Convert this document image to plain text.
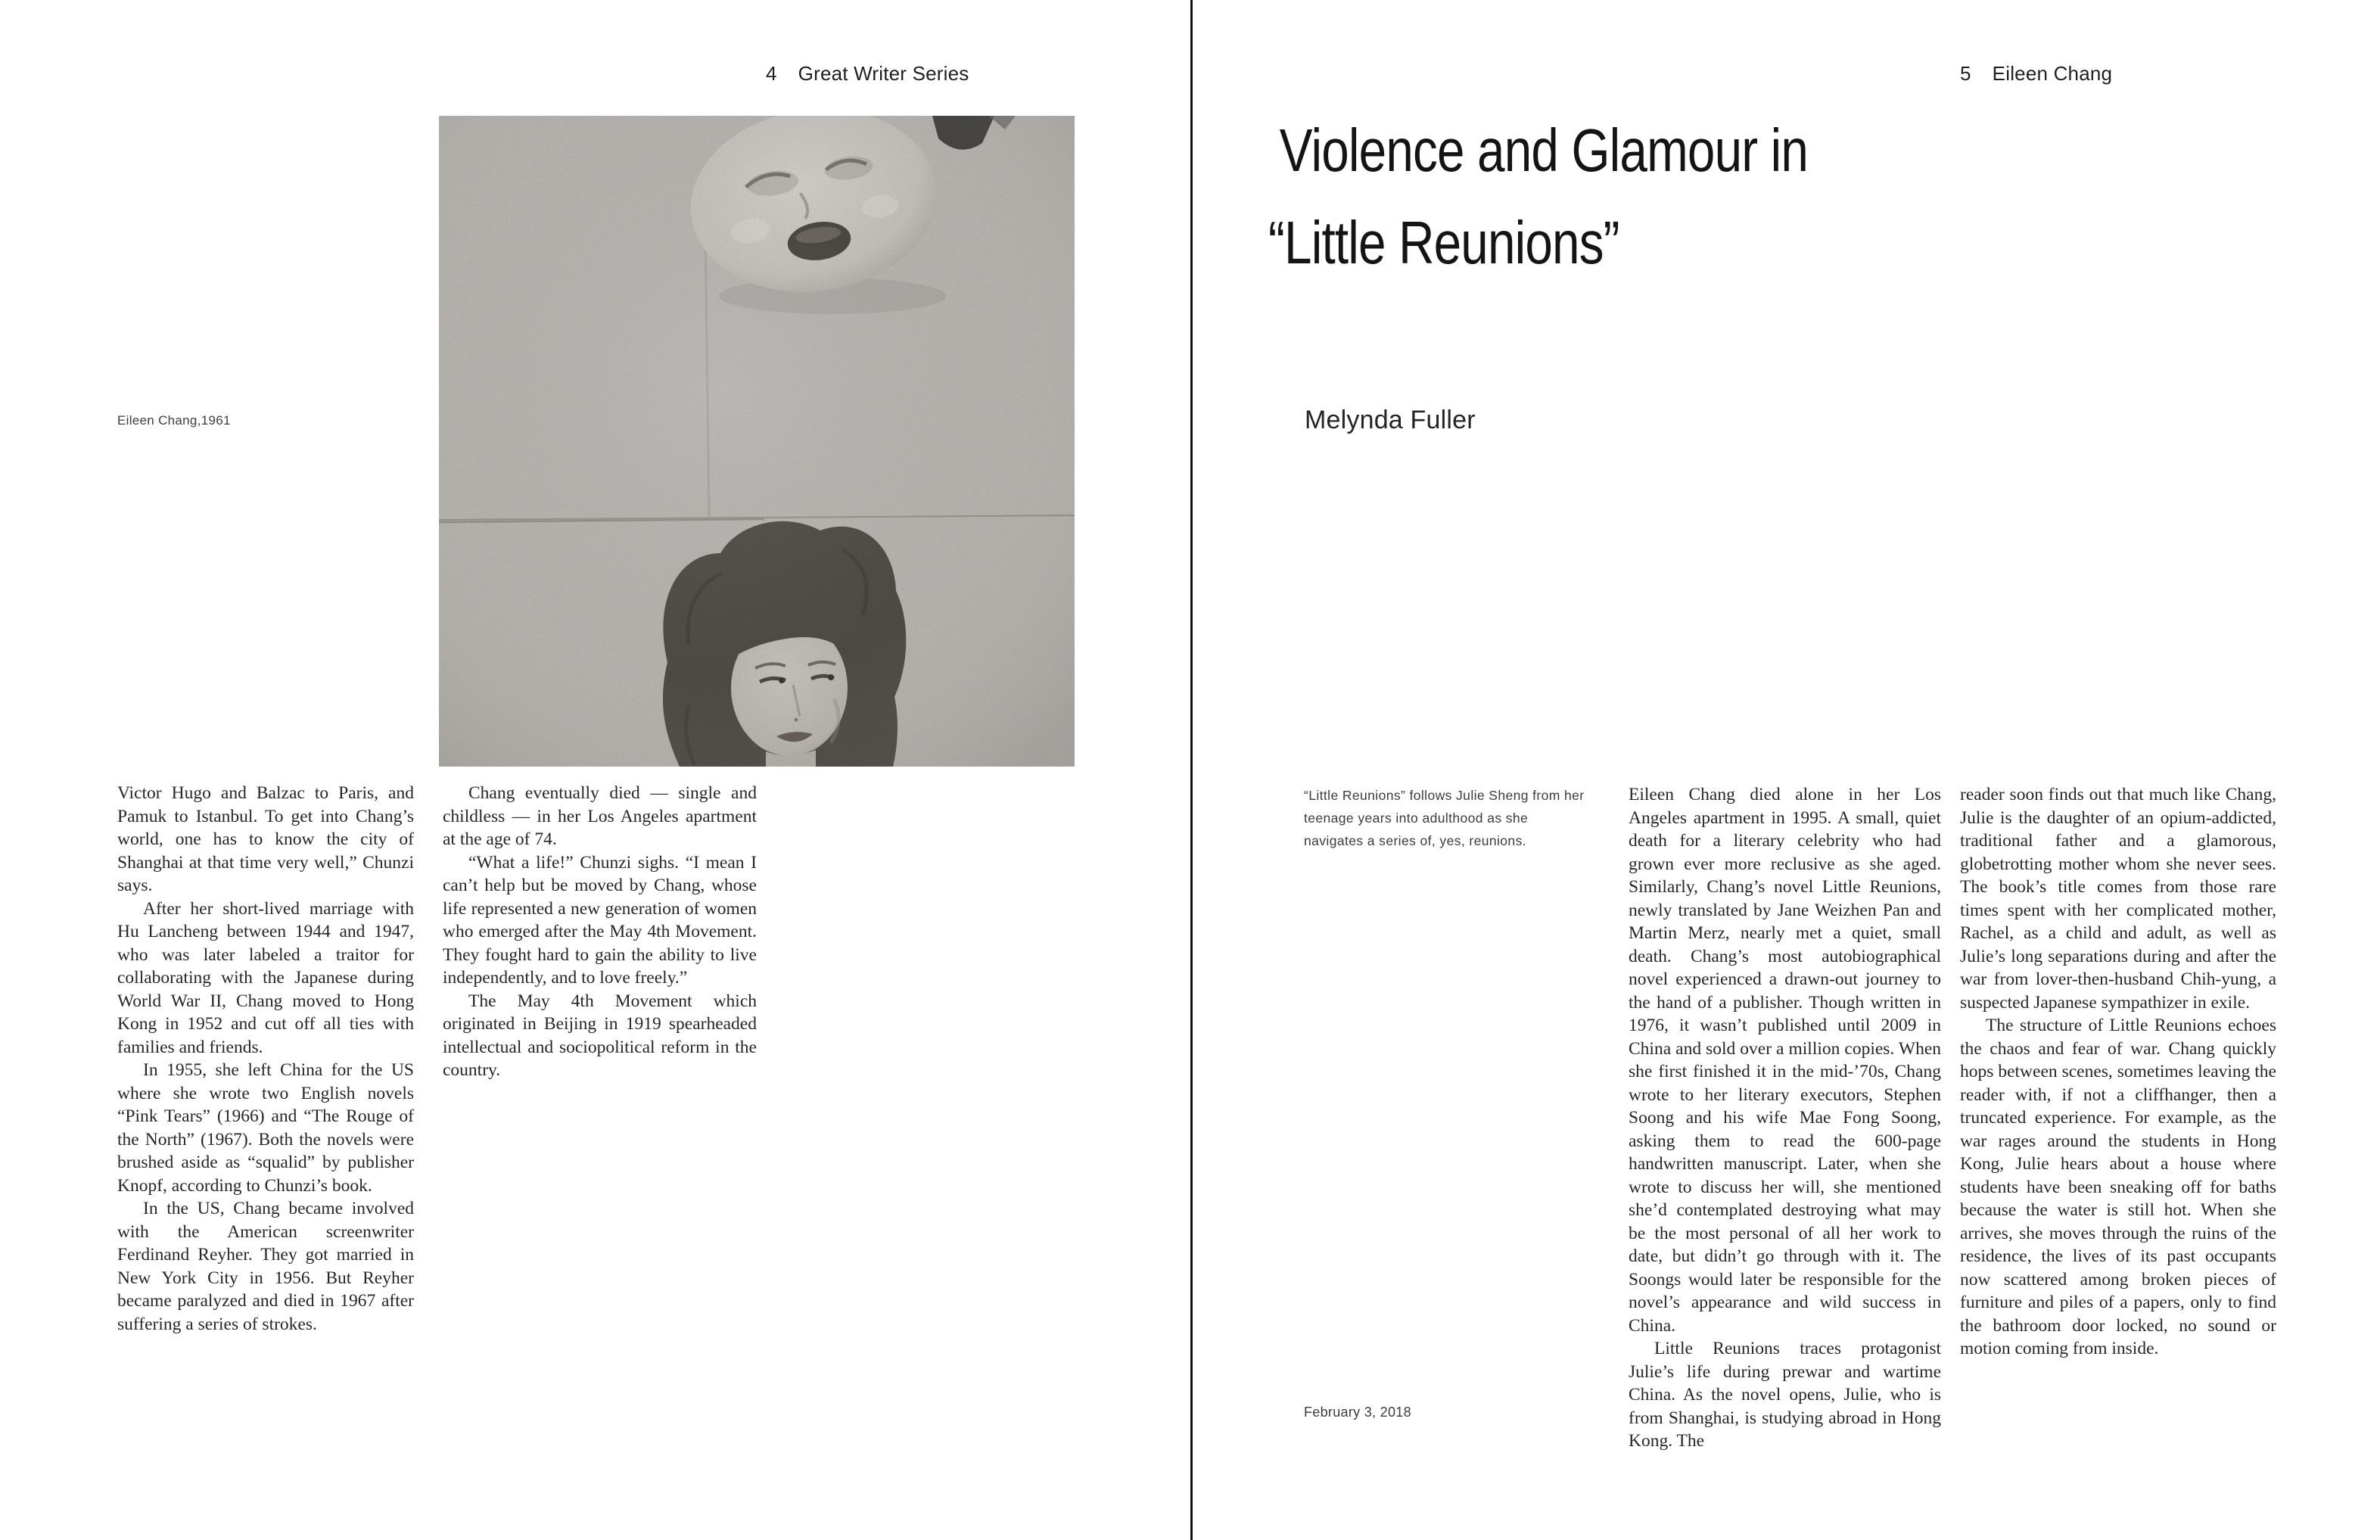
4 Great Writer Series
Eileen Chang,1961

Victor Hugo and Balzac to Paris, and Pamuk to Istanbul. To get into Chang’s world, one has to know the city of Shanghai at that time very well,” Chunzi says.

After her short-lived marriage with Hu Lancheng between 1944 and 1947, who was later labeled a traitor for collaborating with the Japanese during World War II, Chang moved to Hong Kong in 1952 and cut off all ties with families and friends.

In 1955, she left China for the US where she wrote two English novels “Pink Tears” (1966) and “The Rouge of the North” (1967). Both the novels were brushed aside as “squalid” by publisher Knopf, according to Chunzi’s book.

In the US, Chang became involved with the American screenwriter Ferdinand Reyher. They got married in New York City in 1956. But Reyher became paralyzed and died in 1967 after suffering a series of strokes.

Chang eventually died — single and childless — in her Los Angeles apartment at the age of 74.

“What a life!” Chunzi sighs. “I mean I can’t help but be moved by Chang, whose life represented a new generation of women who emerged after the May 4th Movement. They fought hard to gain the ability to live independently, and to love freely.”

The May 4th Movement which originated in Beijing in 1919 spearheaded intellectual and sociopolitical reform in the country.

5 Eileen Chang
Violence and Glamour in
“Little Reunions”
Melynda Fuller
“Little Reunions” follows Julie Sheng from her teenage years into adulthood as she navigates a series of, yes, reunions.
February 3, 2018

Eileen Chang died alone in her Los Angeles apartment in 1995. A small, quiet death for a literary celebrity who had grown ever more reclusive as she aged. Similarly, Chang’s novel Little Reunions, newly translated by Jane Weizhen Pan and Martin Merz, nearly met a quiet, small death. Chang’s most autobiographical novel experienced a drawn-out journey to the hand of a publisher. Though written in 1976, it wasn’t published until 2009 in China and sold over a million copies. When she first finished it in the mid-’70s, Chang wrote to her literary executors, Stephen Soong and his wife Mae Fong Soong, asking them to read the 600-page handwritten manuscript. Later, when she wrote to discuss her will, she mentioned she’d contemplated destroying what may be the most personal of all her work to date, but didn’t go through with it. The Soongs would later be responsible for the novel’s appearance and wild success in China.

Little Reunions traces protagonist Julie’s life during prewar and wartime China. As the novel opens, Julie, who is from Shanghai, is studying abroad in Hong Kong. The

reader soon finds out that much like Chang, Julie is the daughter of an opium-addicted, traditional father and a glamorous, globetrotting mother whom she never sees. The book’s title comes from those rare times spent with her complicated mother, Rachel, as a child and adult, as well as Julie’s long separations during and after the war from lover-then-husband Chih-yung, a suspected Japanese sympathizer in exile.

The structure of Little Reunions echoes the chaos and fear of war. Chang quickly hops between scenes, sometimes leaving the reader with, if not a cliffhanger, then a truncated experience. For example, as the war rages around the students in Hong Kong, Julie hears about a house where students have been sneaking off for baths because the water is still hot. When she arrives, she moves through the ruins of the residence, the lives of its past occupants now scattered among broken pieces of furniture and piles of a papers, only to find the bathroom door locked, no sound or motion coming from inside.
